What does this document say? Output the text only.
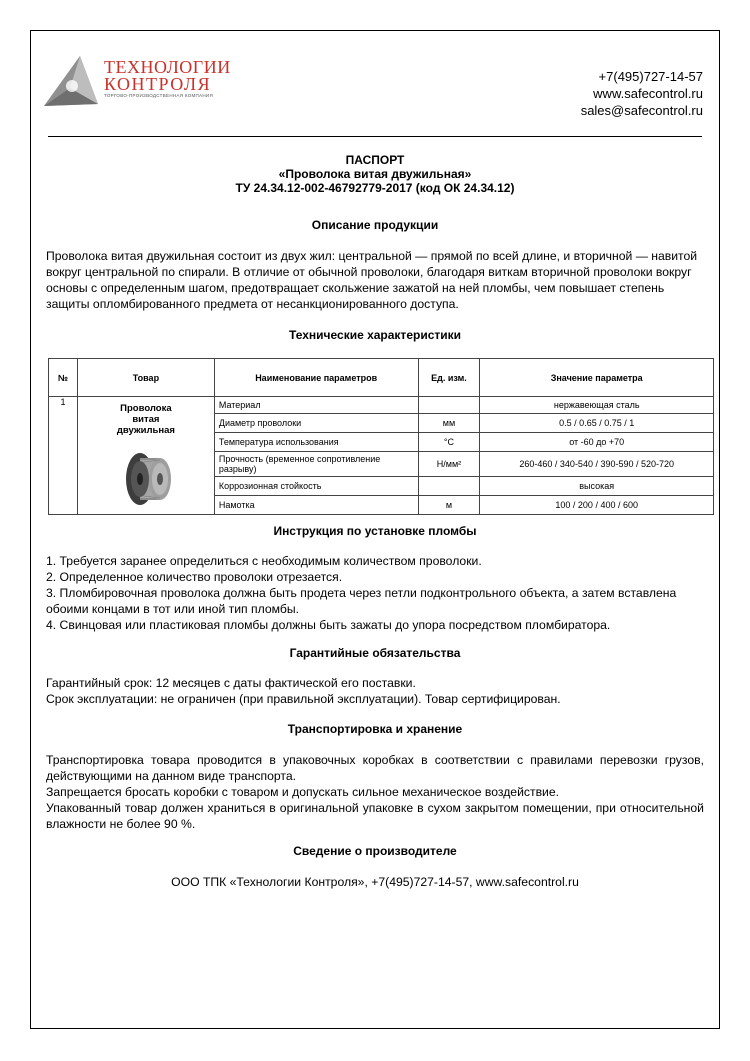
ТЕХНОЛОГИИ
КОНТРОЛЯ
ТОРГОВО-ПРОИЗВОДСТВЕННАЯ КОМПАНИЯ
+7(495)727-14-57
www.safecontrol.ru
sales@safecontrol.ru
ПАСПОРТ
«Проволока витая двужильная»
ТУ 24.34.12-002-46792779-2017 (код ОК 24.34.12)
Описание продукции
Проволока витая двужильная состоит из двух жил: центральной — прямой по всей длине, и вторичной — навитой вокруг центральной по спирали. В отличие от обычной проволоки, благодаря виткам вторичной проволоки вокруг основы с определенным шагом, предотвращает скольжение зажатой на ней пломбы, чем повышает степень защиты опломбированного предмета от несанкционированного доступа.
Технические характеристики
№	Товар	Наименование параметров	Ед. изм.	Значение параметра
1	Проволока витая двужильная	Материал		нержавеющая сталь
		Диаметр проволоки	мм	0.5 / 0.65 / 0.75 / 1
		Температура использования	°С	от -60 до +70
		Прочность (временное сопротивление разрыву)	Н/мм²	260-460 / 340-540 / 390-590 / 520-720
		Коррозионная стойкость		высокая
		Намотка	м	100 / 200 / 400 / 600
Инструкция по установке пломбы
1. Требуется заранее определиться с необходимым количеством проволоки.
2. Определенное количество проволоки отрезается.
3. Пломбировочная проволока должна быть продета через петли подконтрольного объекта, а затем вставлена обоими концами в тот или иной тип пломбы.
4. Свинцовая или пластиковая пломбы должны быть зажаты до упора посредством пломбиратора.
Гарантийные обязательства
Гарантийный срок: 12 месяцев с даты фактической его поставки.
Срок эксплуатации: не ограничен (при правильной эксплуатации). Товар сертифицирован.
Транспортировка и хранение
Транспортировка товара проводится в упаковочных коробках в соответствии с правилами перевозки грузов, действующими на данном виде транспорта.
Запрещается бросать коробки с товаром и допускать сильное механическое воздействие.
Упакованный товар должен храниться в оригинальной упаковке в сухом закрытом помещении, при относительной влажности не более 90 %.
Сведение о производителе
ООО ТПК «Технологии Контроля», +7(495)727-14-57, www.safecontrol.ru
